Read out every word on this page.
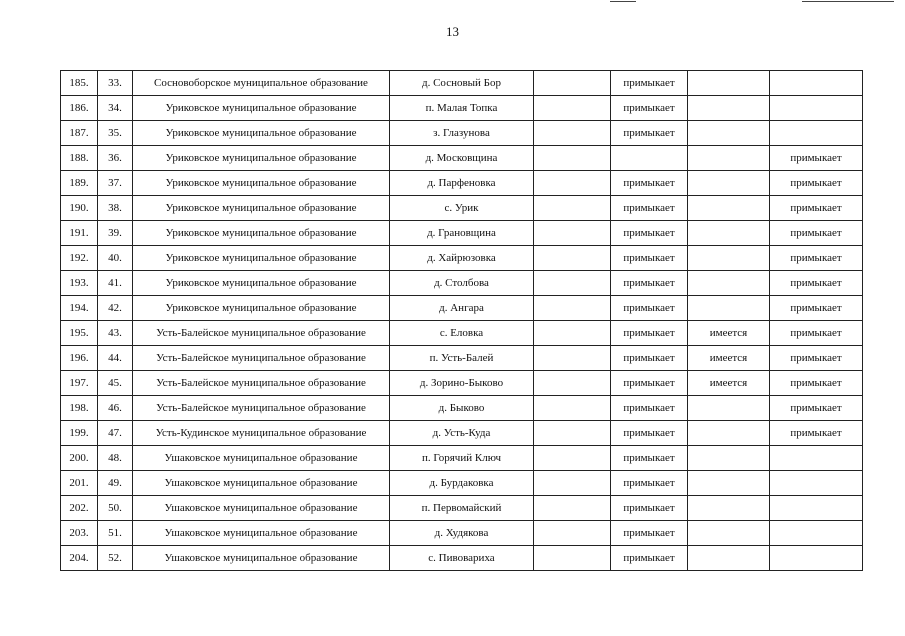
13
185.	33.	Сосновоборское муниципальное образование	д. Сосновый Бор		примыкает		
186.	34.	Уриковское муниципальное образование	п. Малая Топка		примыкает		
187.	35.	Уриковское муниципальное образование	з. Глазунова		примыкает		
188.	36.	Уриковское муниципальное образование	д. Московщина				примыкает
189.	37.	Уриковское муниципальное образование	д. Парфеновка		примыкает		примыкает
190.	38.	Уриковское муниципальное образование	с. Урик		примыкает		примыкает
191.	39.	Уриковское муниципальное образование	д. Грановщина		примыкает		примыкает
192.	40.	Уриковское муниципальное образование	д. Хайрюзовка		примыкает		примыкает
193.	41.	Уриковское муниципальное образование	д. Столбова		примыкает		примыкает
194.	42.	Уриковское муниципальное образование	д. Ангара		примыкает		примыкает
195.	43.	Усть-Балейское муниципальное образование	с. Еловка		примыкает	имеется	примыкает
196.	44.	Усть-Балейское муниципальное образование	п. Усть-Балей		примыкает	имеется	примыкает
197.	45.	Усть-Балейское муниципальное образование	д. Зорино-Быково		примыкает	имеется	примыкает
198.	46.	Усть-Балейское муниципальное образование	д. Быково		примыкает		примыкает
199.	47.	Усть-Кудинское муниципальное образование	д. Усть-Куда		примыкает		примыкает
200.	48.	Ушаковское муниципальное образование	п. Горячий Ключ		примыкает		
201.	49.	Ушаковское муниципальное образование	д. Бурдаковка		примыкает		
202.	50.	Ушаковское муниципальное образование	п. Первомайский		примыкает		
203.	51.	Ушаковское муниципальное образование	д. Худякова		примыкает		
204.	52.	Ушаковское муниципальное образование	с. Пивовариха		примыкает		
